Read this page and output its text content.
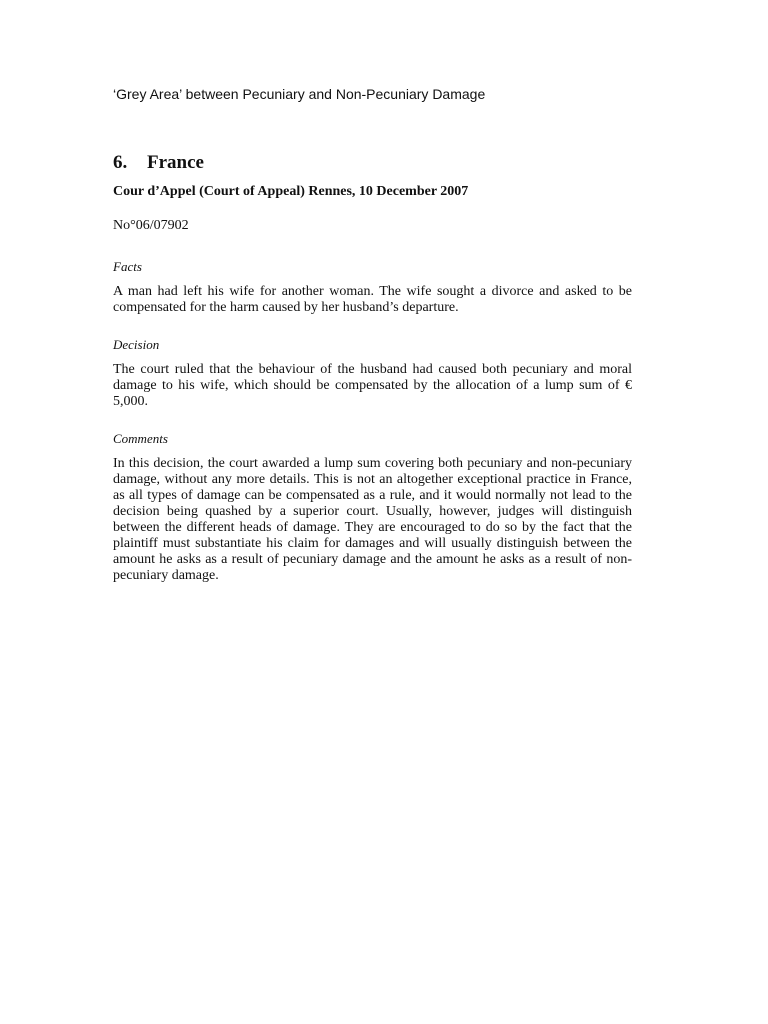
‘Grey Area’ between Pecuniary and Non-Pecuniary Damage
6.	France
Cour d’Appel (Court of Appeal) Rennes, 10 December 2007
No°06/07902
Facts

A man had left his wife for another woman. The wife sought a divorce and asked to be compensated for the harm caused by her husband’s departure.

Decision

The court ruled that the behaviour of the husband had caused both pecuniary and moral damage to his wife, which should be compensated by the allocation of a lump sum of € 5,000.

Comments

In this decision, the court awarded a lump sum covering both pecuniary and non-pecuniary damage, without any more details. This is not an altogether exceptional practice in France, as all types of damage can be compensated as a rule, and it would normally not lead to the decision being quashed by a superior court. Usually, however, judges will distinguish between the different heads of damage. They are encouraged to do so by the fact that the plaintiff must substantiate his claim for damages and will usually distinguish between the amount he asks as a result of pecuniary damage and the amount he asks as a result of non-pecuniary damage.
